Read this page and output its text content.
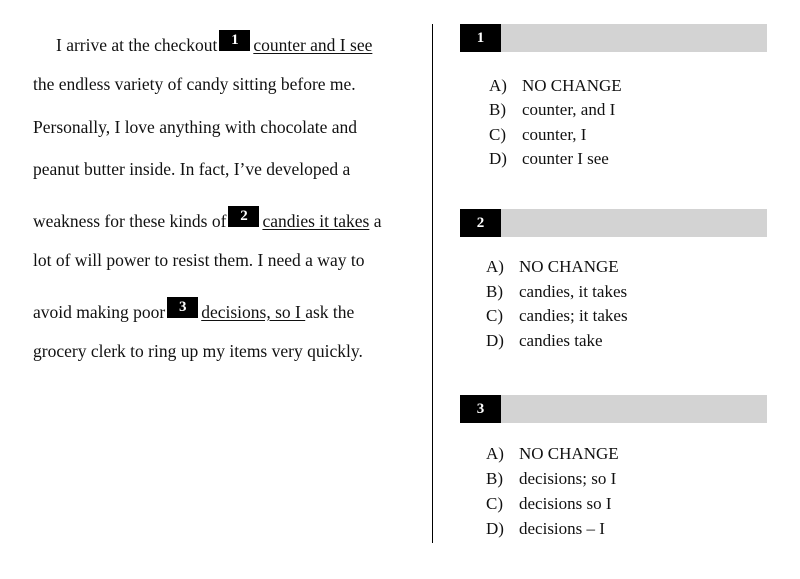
I arrive at the checkout 1 counter and I see
the endless variety of candy sitting before me.
Personally, I love anything with chocolate and
peanut butter inside. In fact, I’ve developed a
weakness for these kinds of 2 candies it takes a
lot of will power to resist them. I need a way to
avoid making poor 3 decisions, so I ask the
grocery clerk to ring up my items very quickly.
1
A) NO CHANGE
B) counter, and I
C) counter, I
D) counter I see
2
A) NO CHANGE
B) candies, it takes
C) candies; it takes
D) candies take
3
A) NO CHANGE
B) decisions; so I
C) decisions so I
D) decisions – I
